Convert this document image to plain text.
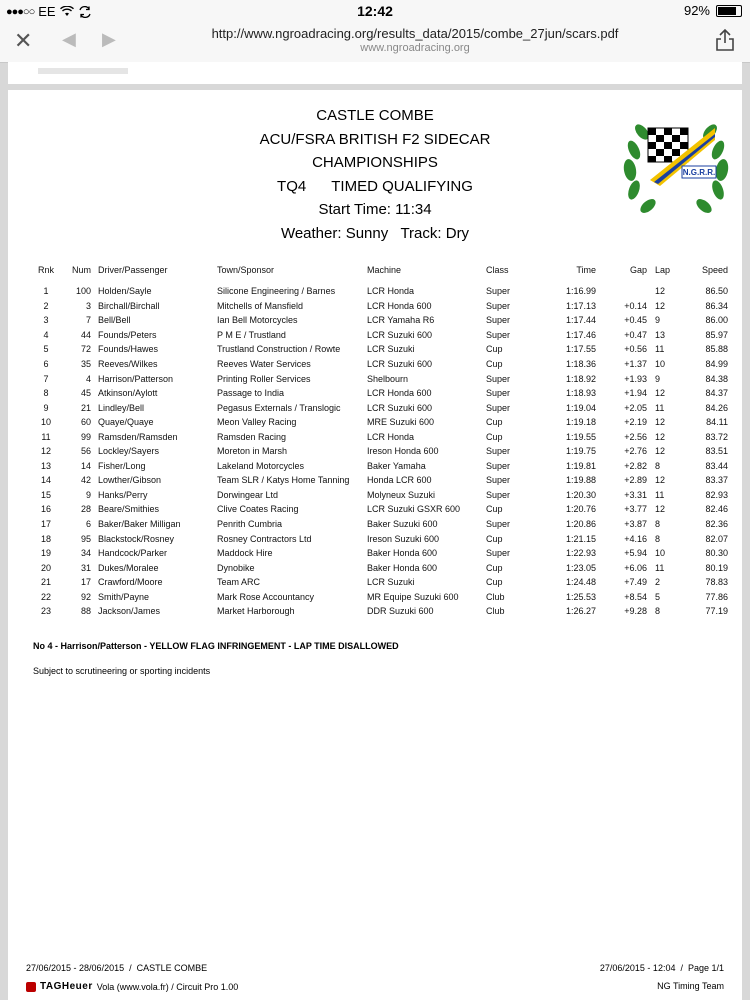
●●●○○ EE	12:42	92%
✕ ◀ ▶	http://www.ngroadracing.org/results_data/2015/combe_27jun/scars.pdf
www.ngroadracing.org
CASTLE COMBE
ACU/FSRA BRITISH F2 SIDECAR
CHAMPIONSHIPS
TQ4 TIMED QUALIFYING
Start Time: 11:34
Weather: Sunny   Track: Dry
N.G.R.R.
Rnk	Num	Driver/Passenger	Town/Sponsor	Machine	Class	Time	Gap	Lap	Speed
1	100	Holden/Sayle	Silicone Engineering / Barnes	LCR Honda	Super	1:16.99		12	86.50
2	3	Birchall/Birchall	Mitchells of Mansfield	LCR Honda 600	Super	1:17.13	+0.14	12	86.34
3	7	Bell/Bell	Ian Bell Motorcycles	LCR Yamaha R6	Super	1:17.44	+0.45	9	86.00
4	44	Founds/Peters	P M E / Trustland	LCR Suzuki 600	Super	1:17.46	+0.47	13	85.97
5	72	Founds/Hawes	Trustland Construction / Rowte	LCR Suzuki	Cup	1:17.55	+0.56	11	85.88
6	35	Reeves/Wilkes	Reeves Water Services	LCR Suzuki 600	Cup	1:18.36	+1.37	10	84.99
7	4	Harrison/Patterson	Printing Roller Services	Shelbourn	Super	1:18.92	+1.93	9	84.38
8	45	Atkinson/Aylott	Passage to India	LCR Honda 600	Super	1:18.93	+1.94	12	84.37
9	21	Lindley/Bell	Pegasus Externals / Translogic	LCR Suzuki 600	Super	1:19.04	+2.05	11	84.26
10	60	Quaye/Quaye	Meon Valley Racing	MRE Suzuki 600	Cup	1:19.18	+2.19	12	84.11
11	99	Ramsden/Ramsden	Ramsden Racing	LCR Honda	Cup	1:19.55	+2.56	12	83.72
12	56	Lockley/Sayers	Moreton in Marsh	Ireson Honda 600	Super	1:19.75	+2.76	12	83.51
13	14	Fisher/Long	Lakeland Motorcycles	Baker Yamaha	Super	1:19.81	+2.82	8	83.44
14	42	Lowther/Gibson	Team SLR / Katys Home Tanning	Honda LCR 600	Super	1:19.88	+2.89	12	83.37
15	9	Hanks/Perry	Dorwingear Ltd	Molyneux Suzuki	Super	1:20.30	+3.31	11	82.93
16	28	Beare/Smithies	Clive Coates Racing	LCR Suzuki GSXR 600	Cup	1:20.76	+3.77	12	82.46
17	6	Baker/Baker Milligan	Penrith Cumbria	Baker Suzuki 600	Super	1:20.86	+3.87	8	82.36
18	95	Blackstock/Rosney	Rosney Contractors Ltd	Ireson Suzuki 600	Cup	1:21.15	+4.16	8	82.07
19	34	Handcock/Parker	Maddock Hire	Baker Honda 600	Super	1:22.93	+5.94	10	80.30
20	31	Dukes/Moralee	Dynobike	Baker Honda 600	Cup	1:23.05	+6.06	11	80.19
21	17	Crawford/Moore	Team ARC	LCR Suzuki	Cup	1:24.48	+7.49	2	78.83
22	92	Smith/Payne	Mark Rose Accountancy	MR Equipe Suzuki 600	Club	1:25.53	+8.54	5	77.86
23	88	Jackson/James	Market Harborough	DDR Suzuki 600	Club	1:26.27	+9.28	8	77.19
No 4 - Harrison/Patterson - YELLOW FLAG INFRINGEMENT - LAP TIME DISALLOWED
Subject to scrutineering or sporting incidents
27/06/2015 - 28/06/2015  /  CASTLE COMBE	27/06/2015 - 12:04  /  Page 1/1
TAGHeuer Vola (www.vola.fr) / Circuit Pro 1.00	NG Timing Team
